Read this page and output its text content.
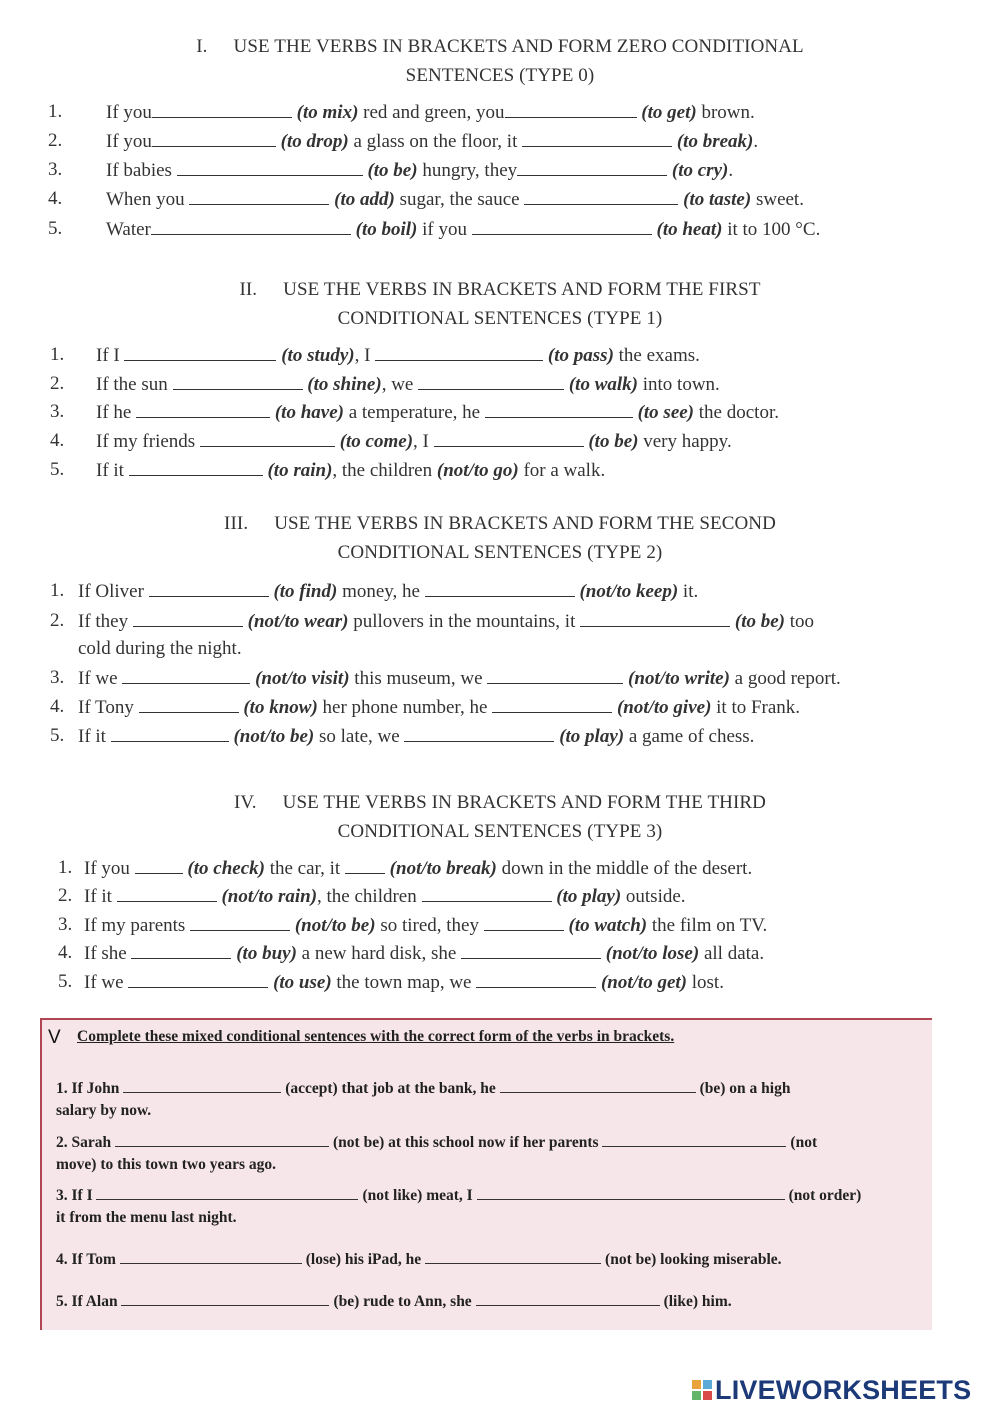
I. USE THE VERBS IN BRACKETS AND FORM ZERO CONDITIONAL
SENTENCES (TYPE 0)
II. USE THE VERBS IN BRACKETS AND FORM THE FIRST
CONDITIONAL SENTENCES (TYPE 1)
III. USE THE VERBS IN BRACKETS AND FORM THE SECOND
CONDITIONAL SENTENCES (TYPE 2)
IV. USE THE VERBS IN BRACKETS AND FORM THE THIRD
CONDITIONAL SENTENCES (TYPE 3)
1. If you	(to mix) red and green, you	(to get) brown.
2. If you	(to drop) a glass on the floor, it	(to break).
3. If babies	(to be) hungry, they	(to cry).
4. When you	(to add) sugar, the sauce	(to taste) sweet.
5. Water	(to boil) if you	(to heat) it to 100 °C.
1. If I	(to study), I	(to pass) the exams.
2. If the sun	(to shine), we	(to walk) into town.
3. If he	(to have) a temperature, he	(to see) the doctor.
4. If my friends	(to come), I	(to be) very happy.
5. If it	(to rain), the children (not/to go) for a walk.
1. If Oliver	(to find) money, he	(not/to keep) it.
2. If they	(not/to wear) pullovers in the mountains, it	(to be) too
cold during the night.
3. If we	(not/to visit) this museum, we	(not/to write) a good report.
4. If Tony	(to know) her phone number, he	(not/to give) it to Frank.
5. If it	(not/to be) so late, we	(to play) a game of chess.
1. If you	(to check) the car, it  (not/to break) down in the middle of the desert.
2. If it	(not/to rain), the children	(to play) outside.
3. If my parents	(not/to be) so tired, they	(to watch) the film on TV.
4. If she	(to buy) a new hard disk, she	(not/to lose) all data.
5. If we	(to use) the town map, we	(not/to get) lost.
V Complete these mixed conditional sentences with the correct form of the verbs in brackets.
1. If John	(accept) that job at the bank, he	(be) on a high
salary by now.
2. Sarah	(not be) at this school now if her parents	(not
move) to this town two years ago.
3. If I	(not like) meat, I	(not order)
it from the menu last night.
4. If Tom	(lose) his iPad, he	(not be) looking miserable.
5. If Alan	(be) rude to Ann, she	(like) him.
LIVEWORKSHEETS
